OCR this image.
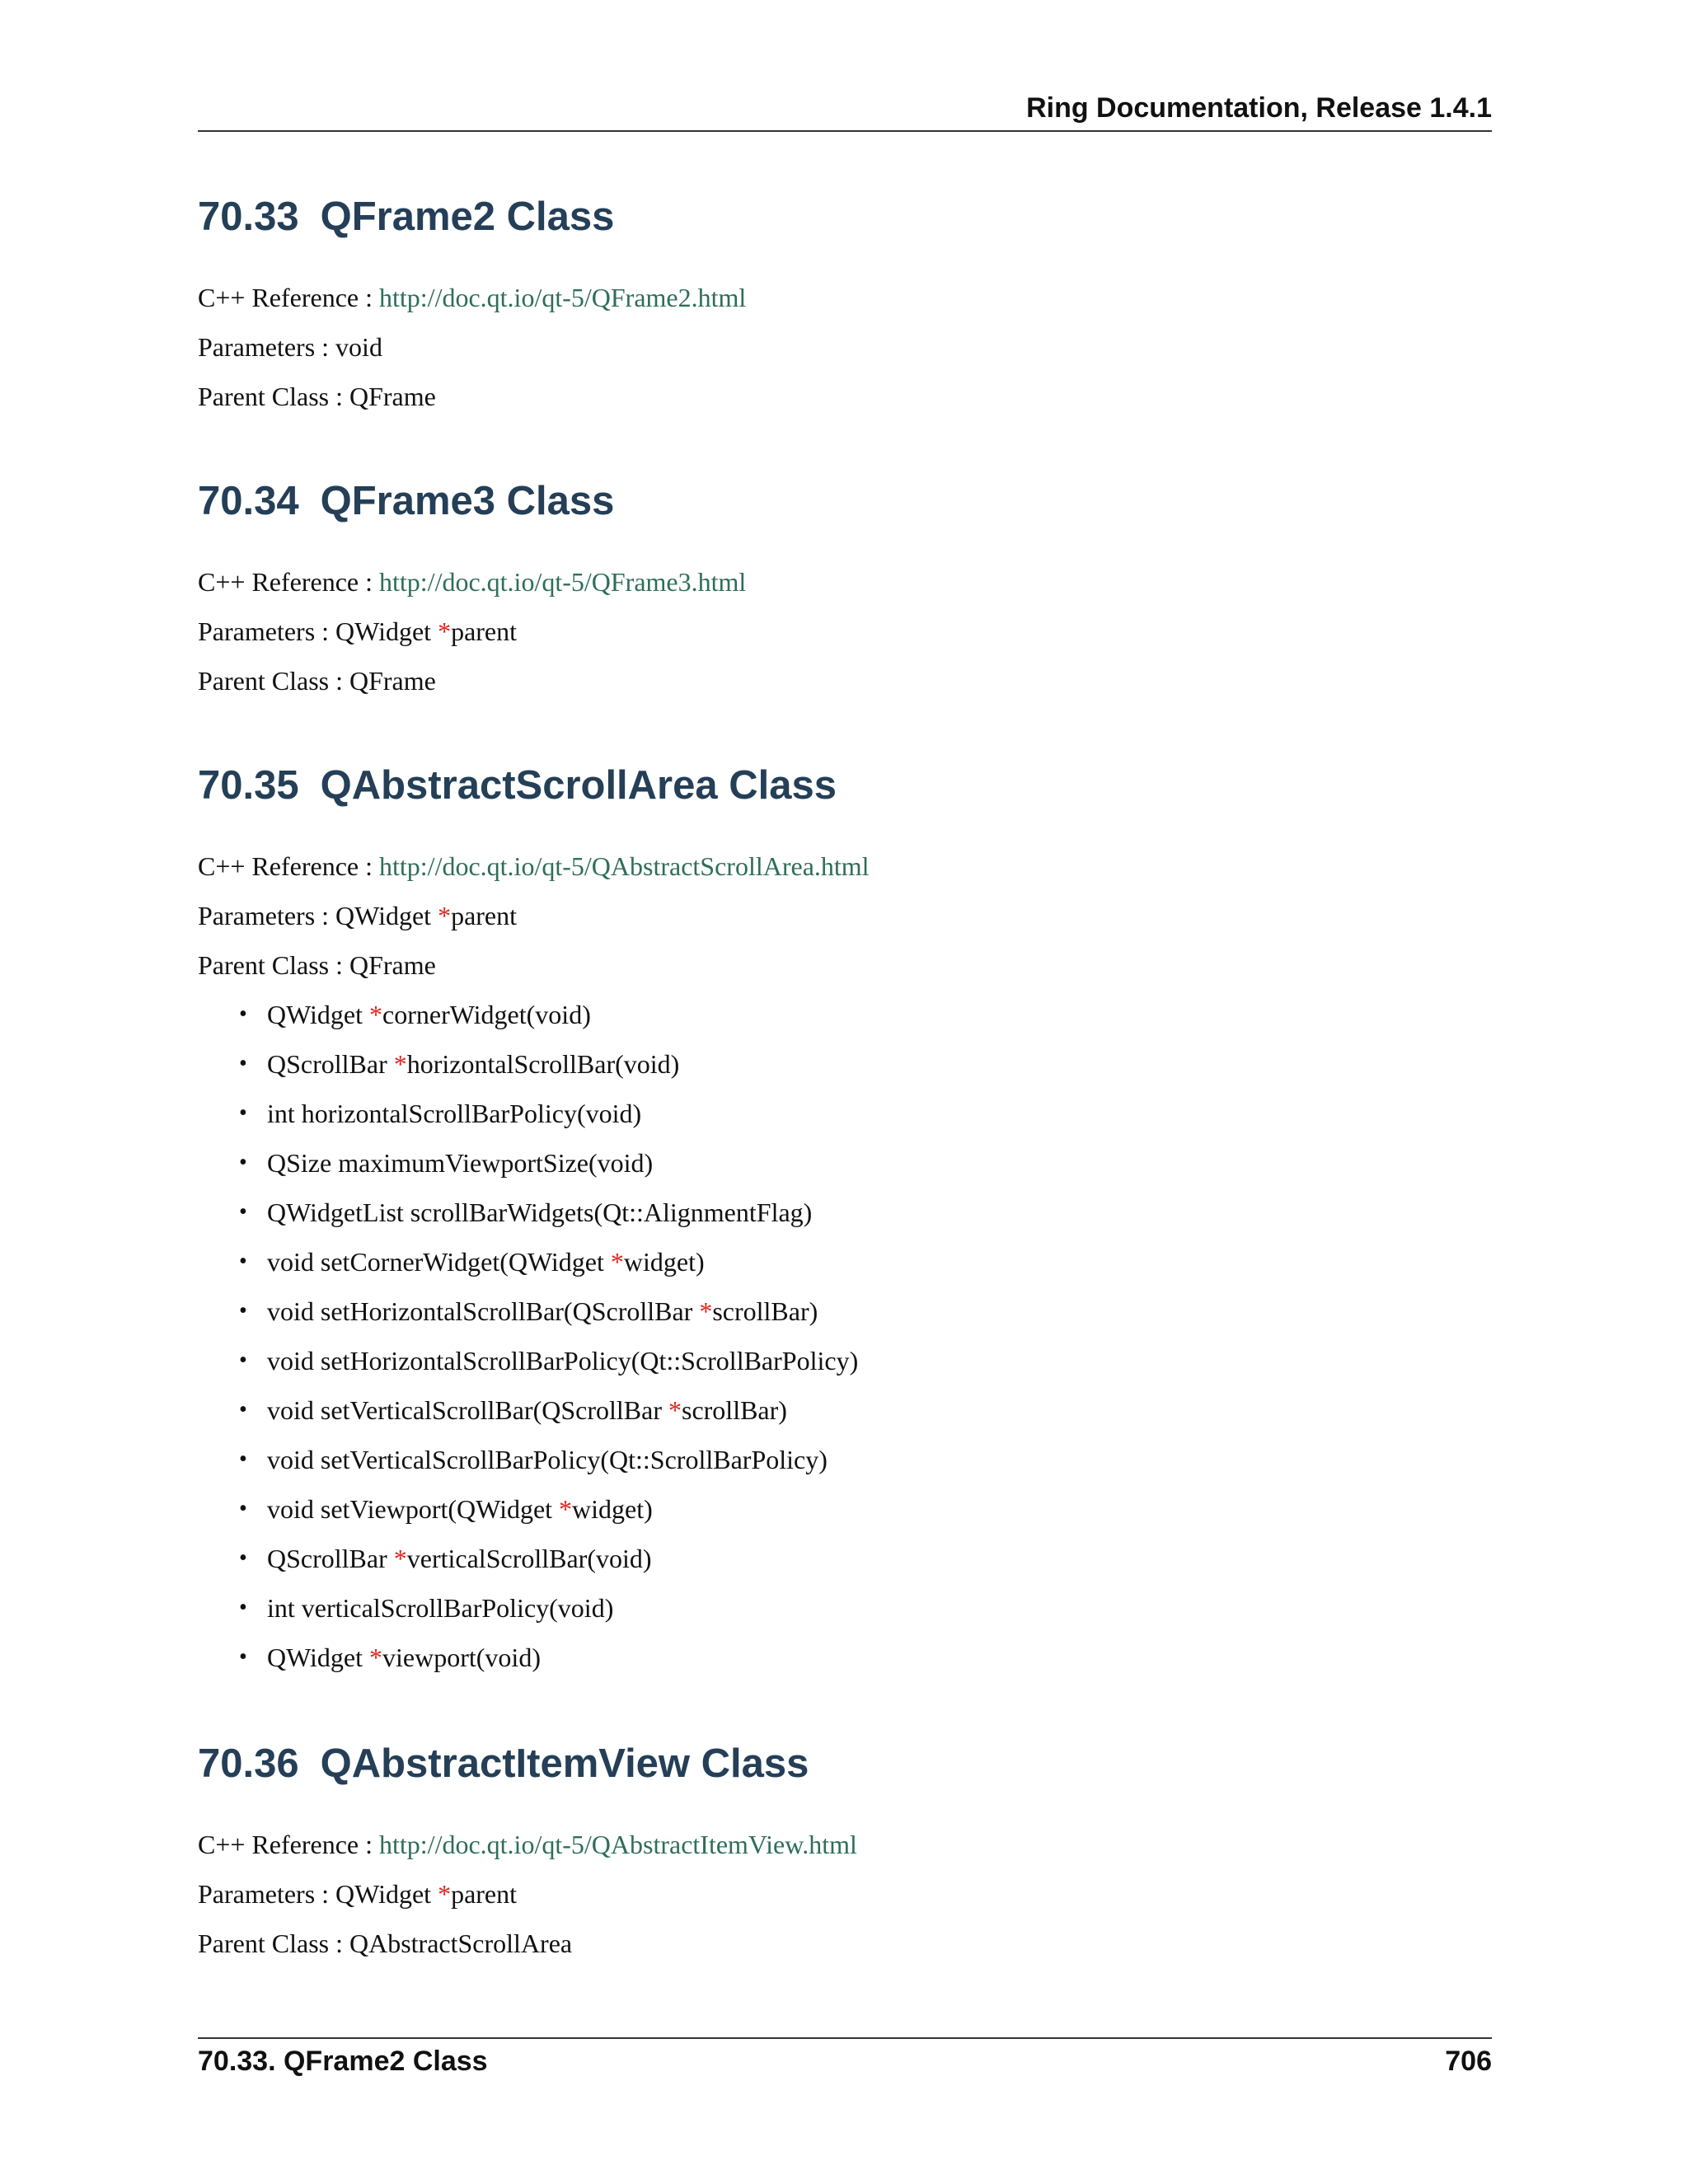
Ring Documentation, Release 1.4.1
70.33 QFrame2 Class
C++ Reference : http://doc.qt.io/qt-5/QFrame2.html
Parameters : void
Parent Class : QFrame
70.34 QFrame3 Class
C++ Reference : http://doc.qt.io/qt-5/QFrame3.html
Parameters : QWidget *parent
Parent Class : QFrame
70.35 QAbstractScrollArea Class
C++ Reference : http://doc.qt.io/qt-5/QAbstractScrollArea.html
Parameters : QWidget *parent
Parent Class : QFrame
• QWidget *cornerWidget(void)
• QScrollBar *horizontalScrollBar(void)
• int horizontalScrollBarPolicy(void)
• QSize maximumViewportSize(void)
• QWidgetList scrollBarWidgets(Qt::AlignmentFlag)
• void setCornerWidget(QWidget *widget)
• void setHorizontalScrollBar(QScrollBar *scrollBar)
• void setHorizontalScrollBarPolicy(Qt::ScrollBarPolicy)
• void setVerticalScrollBar(QScrollBar *scrollBar)
• void setVerticalScrollBarPolicy(Qt::ScrollBarPolicy)
• void setViewport(QWidget *widget)
• QScrollBar *verticalScrollBar(void)
• int verticalScrollBarPolicy(void)
• QWidget *viewport(void)
70.36 QAbstractItemView Class
C++ Reference : http://doc.qt.io/qt-5/QAbstractItemView.html
Parameters : QWidget *parent
Parent Class : QAbstractScrollArea
70.33. QFrame2 Class	706
